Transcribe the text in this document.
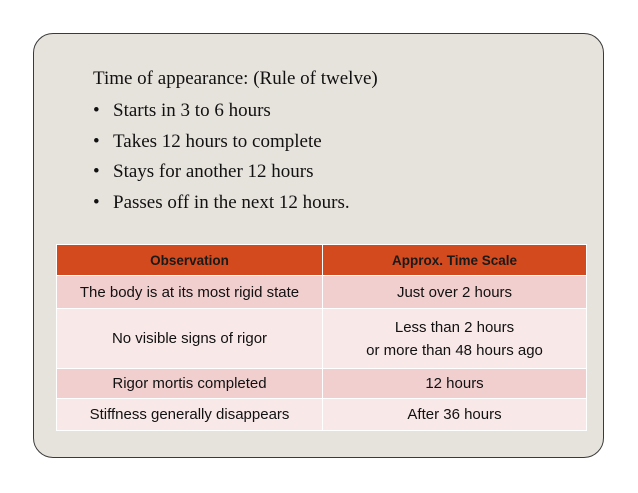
Time of appearance: (Rule of twelve)
• Starts in 3 to 6 hours
• Takes 12 hours to complete
• Stays for another 12 hours
• Passes off in the next 12 hours.
Observation	Approx. Time Scale
The body is at its most rigid state	Just over 2 hours
No visible signs of rigor	Less than 2 hours
or more than 48 hours ago

Rigor mortis completed	12 hours
Stiffness generally disappears	After 36 hours
